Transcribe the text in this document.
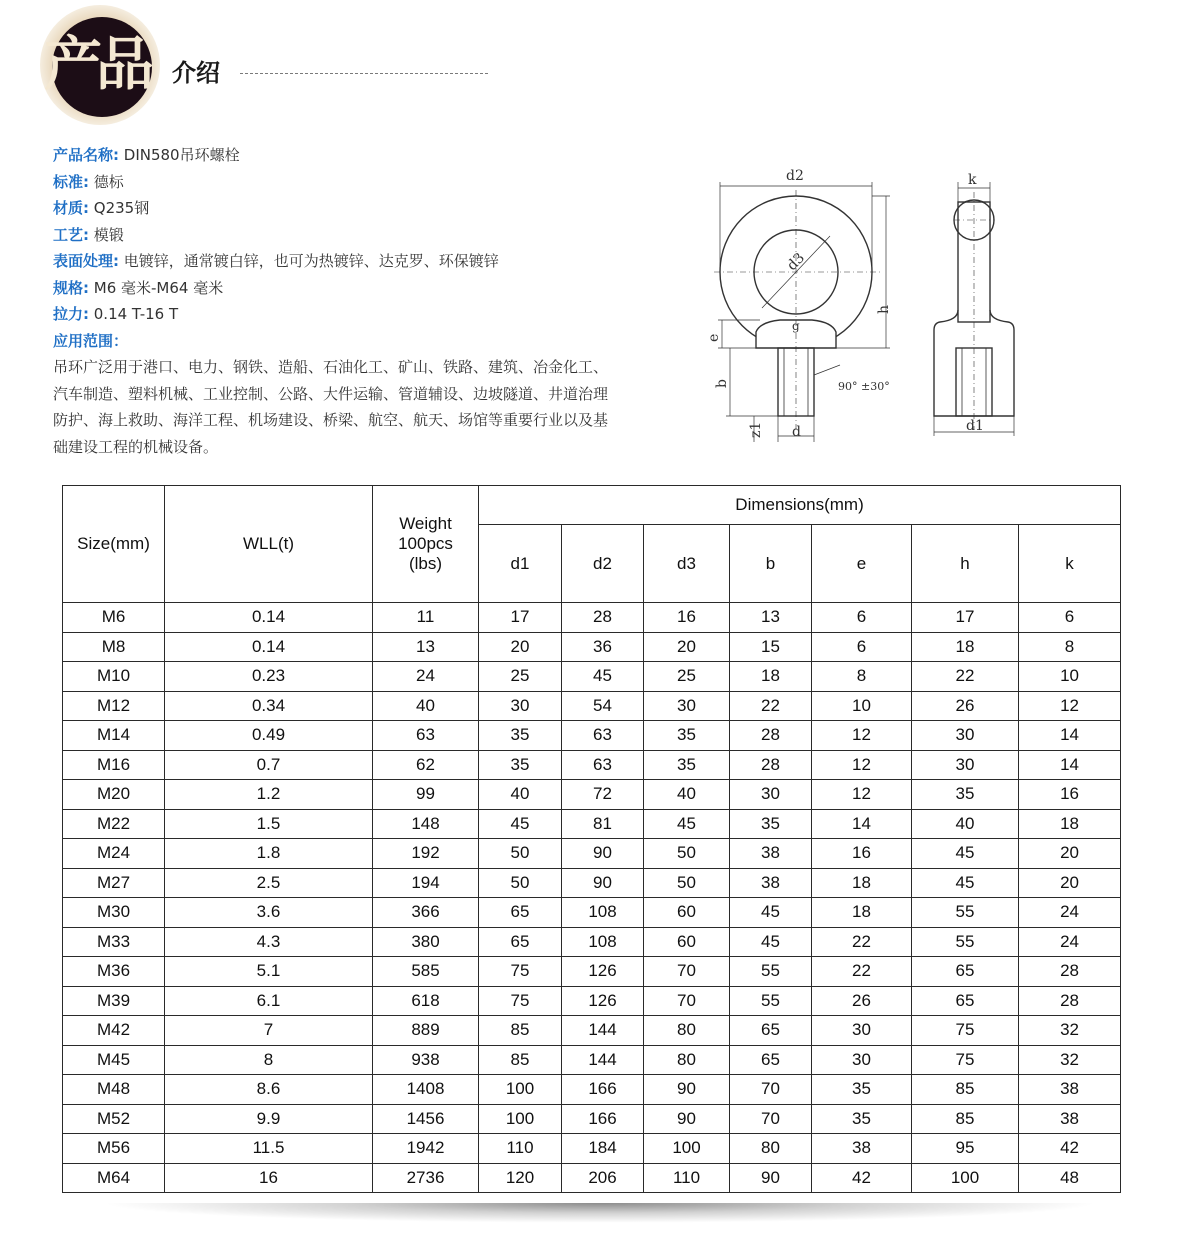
产品 介绍
产品名称: DIN580吊环螺栓
标准: 德标
材质: Q235钢
工艺: 模锻
表面处理: 电镀锌，通常镀白锌，也可为热镀锌、达克罗、环保镀锌
规格: M6 毫米-M64 毫米
拉力: 0.14 T-16 T
应用范围：
吊环广泛用于港口、电力、钢铁、造船、石油化工、矿山、铁路、建筑、冶金化工、汽车制造、塑料机械、工业控制、公路、大件运输、管道辅设、边坡隧道、井道治理防护、海上救助、海洋工程、机场建设、桥梁、航空、航天、场馆等重要行业以及基础建设工程的机械设备。
d2
d3
g
h
e
b
z1 d
90° ±30°
k
d1
Size(mm)	WLL(t)	Weight
100pcs
(lbs)	Dimensions(mm)						
			d1	d2	d3	b	e	h	k
M6	0.14	11	17	28	16	13	6	17	6
M8	0.14	13	20	36	20	15	6	18	8
M10	0.23	24	25	45	25	18	8	22	10
M12	0.34	40	30	54	30	22	10	26	12
M14	0.49	63	35	63	35	28	12	30	14
M16	0.7	62	35	63	35	28	12	30	14
M20	1.2	99	40	72	40	30	12	35	16
M22	1.5	148	45	81	45	35	14	40	18
M24	1.8	192	50	90	50	38	16	45	20
M27	2.5	194	50	90	50	38	18	45	20
M30	3.6	366	65	108	60	45	18	55	24
M33	4.3	380	65	108	60	45	22	55	24
M36	5.1	585	75	126	70	55	22	65	28
M39	6.1	618	75	126	70	55	26	65	28
M42	7	889	85	144	80	65	30	75	32
M45	8	938	85	144	80	65	30	75	32
M48	8.6	1408	100	166	90	70	35	85	38
M52	9.9	1456	100	166	90	70	35	85	38
M56	11.5	1942	110	184	100	80	38	95	42
M64	16	2736	120	206	110	90	42	100	48
